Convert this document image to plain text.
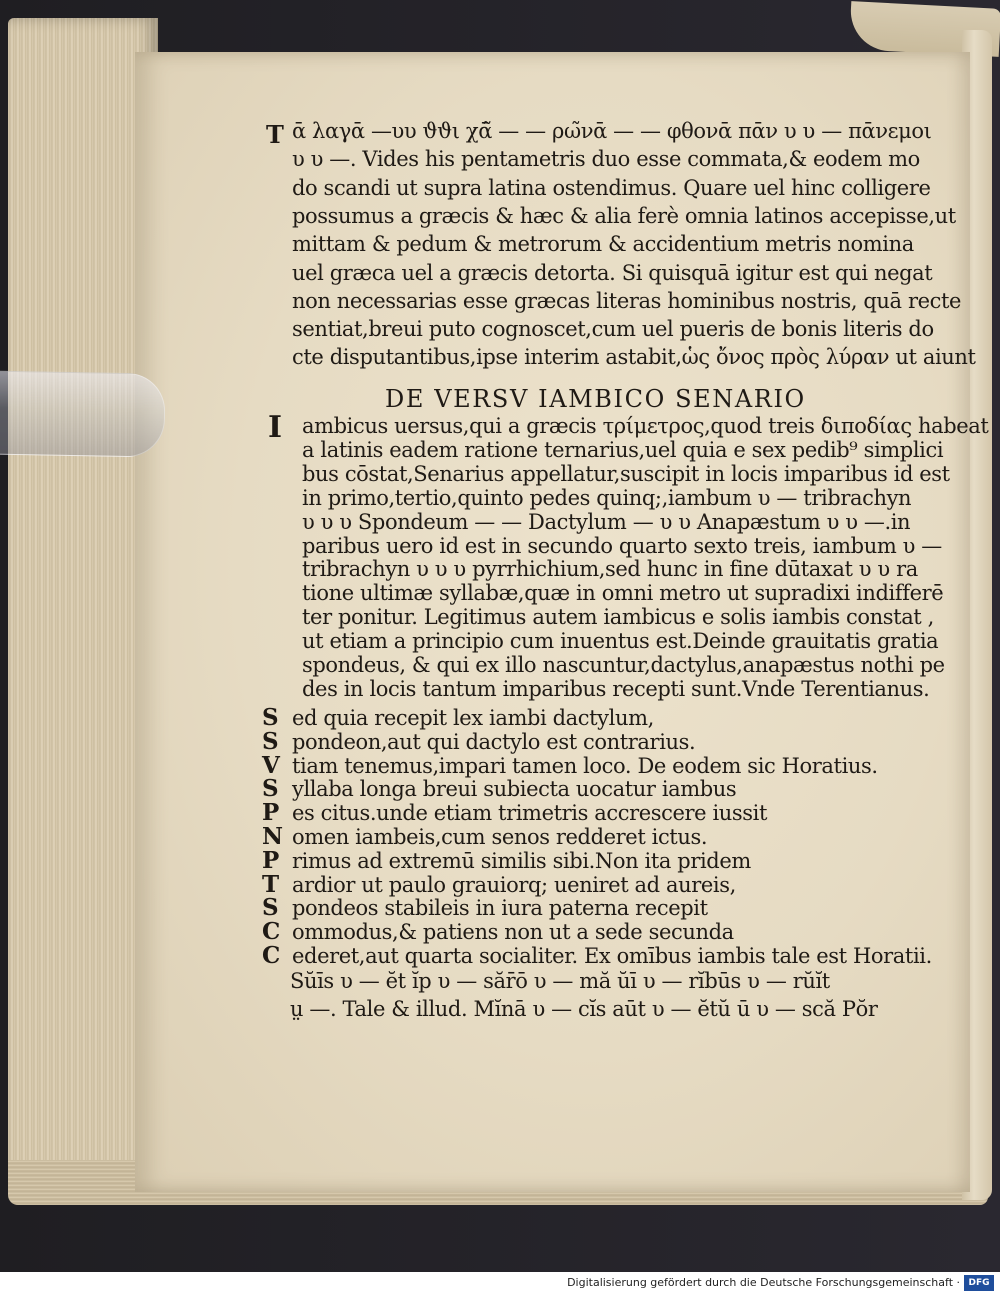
T ᾱ λαγᾱ —υυ ϑϑι χᾱ̃ — — ρω̃νᾱ — — φθονᾱ πᾱν υ υ — πᾱνεμοι
υ υ —. Vides his pentametris duo esse commata,& eodem mo
do scandi ut supra latina ostendimus. Quare uel hinc colligere
possumus a græcis & hæc & alia ferè omnia latinos accepisse,ut
mittam & pedum & metrorum & accidentium metris nomina
uel græca uel a græcis detorta. Si quisquā igitur est qui negat
non necessarias esse græcas literas hominibus nostris, quā recte
sentiat,breui puto cognoscet,cum uel pueris de bonis literis do
cte disputantibus,ipse interim astabit,ὡς ὄνος πρὸς λύραν ut aiunt
DE VERSV IAMBICO SENARIO
I ambicus uersus,qui a græcis τρίμετρος,quod treis διποδίας habeat
a latinis eadem ratione ternarius,uel quia e sex pedib⁹ simplici
bus cōstat,Senarius appellatur,suscipit in locis imparibus id est
in primo,tertio,quinto pedes quinq;,iambum υ — tribrachyn
υ υ υ Spondeum — — Dactylum — υ υ Anapæstum υ υ —.in
paribus uero id est in secundo quarto sexto treis, iambum υ —
tribrachyn υ υ υ pyrrhichium,sed hunc in fine dūtaxat υ υ ra
tione ultimæ syllabæ,quæ in omni metro ut supradixi indifferē
ter ponitur. Legitimus autem iambicus e solis iambis constat ,
ut etiam a principio cum inuentus est.Deinde grauitatis gratia
spondeus, & qui ex illo nascuntur,dactylus,anapæstus nothi pe
des in locis tantum imparibus recepti sunt.Vnde Terentianus.
S ed quia recepit lex iambi dactylum,
S pondeon,aut qui dactylo est contrarius.
V tiam tenemus,impari tamen loco. De eodem sic Horatius.
S yllaba longa breui subiecta uocatur iambus
P es citus.unde etiam trimetris accrescere iussit
N omen iambeis,cum senos redderet ictus.
P rimus ad extremū similis sibi.Non ita pridem
T ardior ut paulo grauiorq; ueniret ad aureis,
S pondeos stabileis in iura paterna recepit
C ommodus,& patiens non ut a sede secunda
C ederet,aut quarta socialiter. Ex omībus iambis tale est Horatii.
Sŭīs υ — ĕt ĭp υ — săr̄ō υ — mă ŭī υ — rĭbūs υ — rŭĭt
ṳ —. Tale & illud. Mĭnā υ — cĭs aūt υ — ĕtŭ ū υ — scă Pŏr
Digitalisierung gefördert durch die Deutsche Forschungsgemeinschaft · DFG
